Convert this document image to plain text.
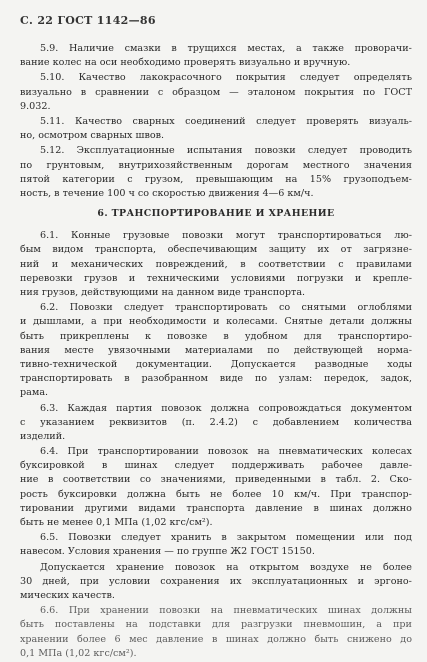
С. 22 ГОСТ 1142—86
5.9. Наличие смазки в трущихся местах, а также проворачи-
вание колес на оси необходимо проверять визуально и вручную.
5.10. Качество лакокрасочного покрытия следует определять
визуально в сравнении с образцом — эталоном покрытия по ГОСТ
9.032.
5.11. Качество сварных соединений следует проверять визуаль-
но, осмотром сварных швов.
5.12. Эксплуатационные испытания повозки следует проводить
по грунтовым, внутрихозяйственным дорогам местного значения
пятой категории с грузом, превышающим на 15% грузоподъем-
ность, в течение 100 ч со скоростью движения 4—6 км/ч.
6. ТРАНСПОРТИРОВАНИЕ И ХРАНЕНИЕ
6.1. Конные грузовые повозки могут транспортироваться лю-
бым видом транспорта, обеспечивающим защиту их от загрязне-
ний и механических повреждений, в соответствии с правилами
перевозки грузов и техническими условиями погрузки и крепле-
ния грузов, действующими на данном виде транспорта.
6.2. Повозки следует транспортировать со снятыми оглоблями
и дышлами, а при необходимости и колесами. Снятые детали должны
быть прикреплены к повозке в удобном для транспортиро-
вания месте увязочными материалами по действующей норма-
тивно-технической документации. Допускается разводные ходы
транспортировать в разобранном виде по узлам: передок, задок,
рама.
6.3. Каждая партия повозок должна сопровождаться документом
с указанием реквизитов (п. 2.4.2) с добавлением количества
изделий.
6.4. При транспортировании повозок на пневматических колесах
буксировкой в шинах следует поддерживать рабочее давле-
ние в соответствии со значениями, приведенными в табл. 2. Ско-
рость буксировки должна быть не более 10 км/ч. При транспор-
тировании другими видами транспорта давление в шинах должно
быть не менее 0,1 МПа (1,02 кгс/см²).
6.5. Повозки следует хранить в закрытом помещении или под
навесом. Условия хранения — по группе Ж2 ГОСТ 15150.
Допускается хранение повозок на открытом воздухе не более
30 дней, при условии сохранения их эксплуатационных и эргоно-
мических качеств.
6.6. При хранении повозки на пневматических шинах должны
быть поставлены на подставки для разгрузки пневмошин, а при
хранении более 6 мес давление в шинах должно быть снижено до
0,1 МПа (1,02 кгс/см²).
